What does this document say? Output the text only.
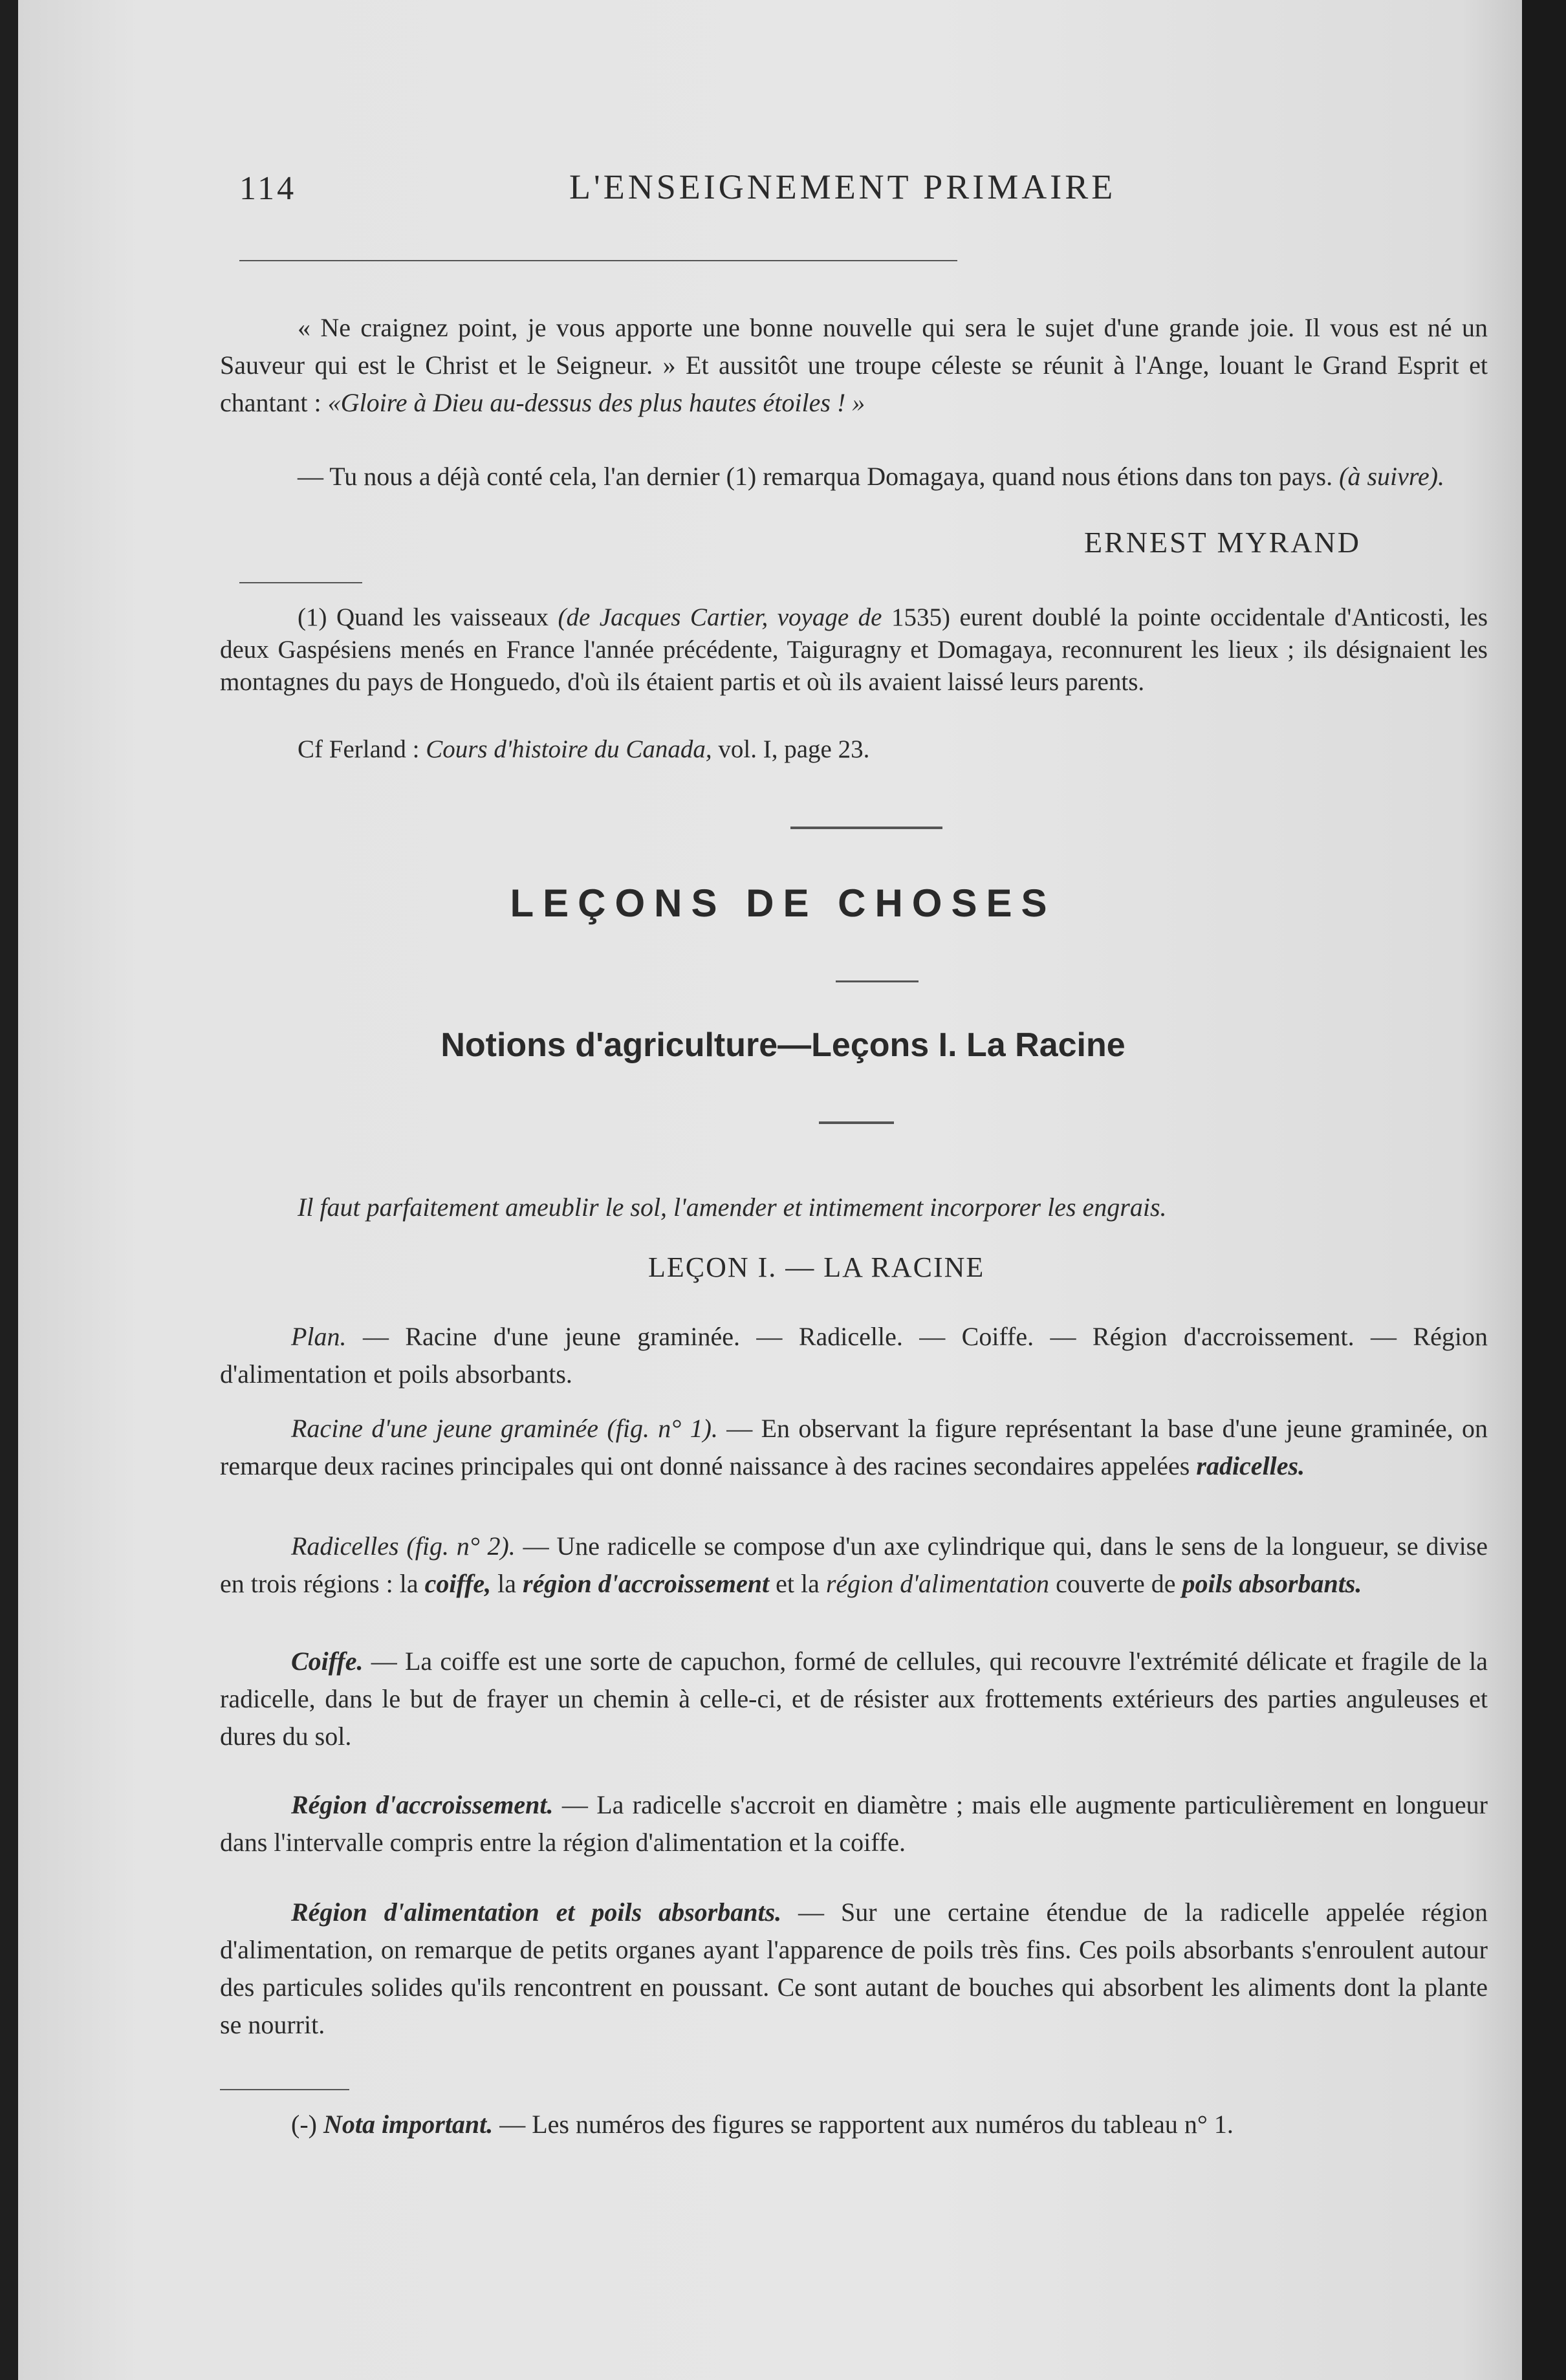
114	L'ENSEIGNEMENT PRIMAIRE
« Ne craignez point, je vous apporte une bonne nouvelle qui sera le sujet d'une grande joie. Il vous est né un Sauveur qui est le Christ et le Seigneur. » Et aussitôt une troupe céleste se réunit à l'Ange, louant le Grand Esprit et chantant : «Gloire à Dieu au-dessus des plus hautes étoiles ! »
— Tu nous a déjà conté cela, l'an dernier (1) remarqua Domagaya, quand nous étions dans ton pays. (à suivre).
ERNEST MYRAND
(1) Quand les vaisseaux (de Jacques Cartier, voyage de 1535) eurent doublé la pointe occidentale d'Anticosti, les deux Gaspésiens menés en France l'année précédente, Taiguragny et Domagaya, reconnurent les lieux ; ils désignaient les montagnes du pays de Honguedo, d'où ils étaient partis et où ils avaient laissé leurs parents.
Cf Ferland : Cours d'histoire du Canada, vol. I, page 23.
LEÇONS DE CHOSES
Notions d'agriculture—Leçons I. La Racine
Il faut parfaitement ameublir le sol, l'amender et intimement incorporer les engrais.
LEÇON I. — LA RACINE
Plan. — Racine d'une jeune graminée. — Radicelle. — Coiffe. — Région d'accroissement. — Région d'alimentation et poils absorbants.
Racine d'une jeune graminée (fig. n° 1). — En observant la figure représentant la base d'une jeune graminée, on remarque deux racines principales qui ont donné naissance à des racines secondaires appelées radicelles.
Radicelles (fig. n° 2). — Une radicelle se compose d'un axe cylindrique qui, dans le sens de la longueur, se divise en trois régions : la coiffe, la région d'accroissement et la région d'alimentation couverte de poils absorbants.
Coiffe. — La coiffe est une sorte de capuchon, formé de cellules, qui recouvre l'extrémité délicate et fragile de la radicelle, dans le but de frayer un chemin à celle-ci, et de résister aux frottements extérieurs des parties anguleuses et dures du sol.
Région d'accroissement. — La radicelle s'accroit en diamètre ; mais elle augmente particulièrement en longueur dans l'intervalle compris entre la région d'alimentation et la coiffe.
Région d'alimentation et poils absorbants. — Sur une certaine étendue de la radicelle appelée région d'alimentation, on remarque de petits organes ayant l'apparence de poils très fins. Ces poils absorbants s'enroulent autour des particules solides qu'ils rencontrent en poussant. Ce sont autant de bouches qui absorbent les aliments dont la plante se nourrit.
(-) Nota important. — Les numéros des figures se rapportent aux numéros du tableau n° 1.
